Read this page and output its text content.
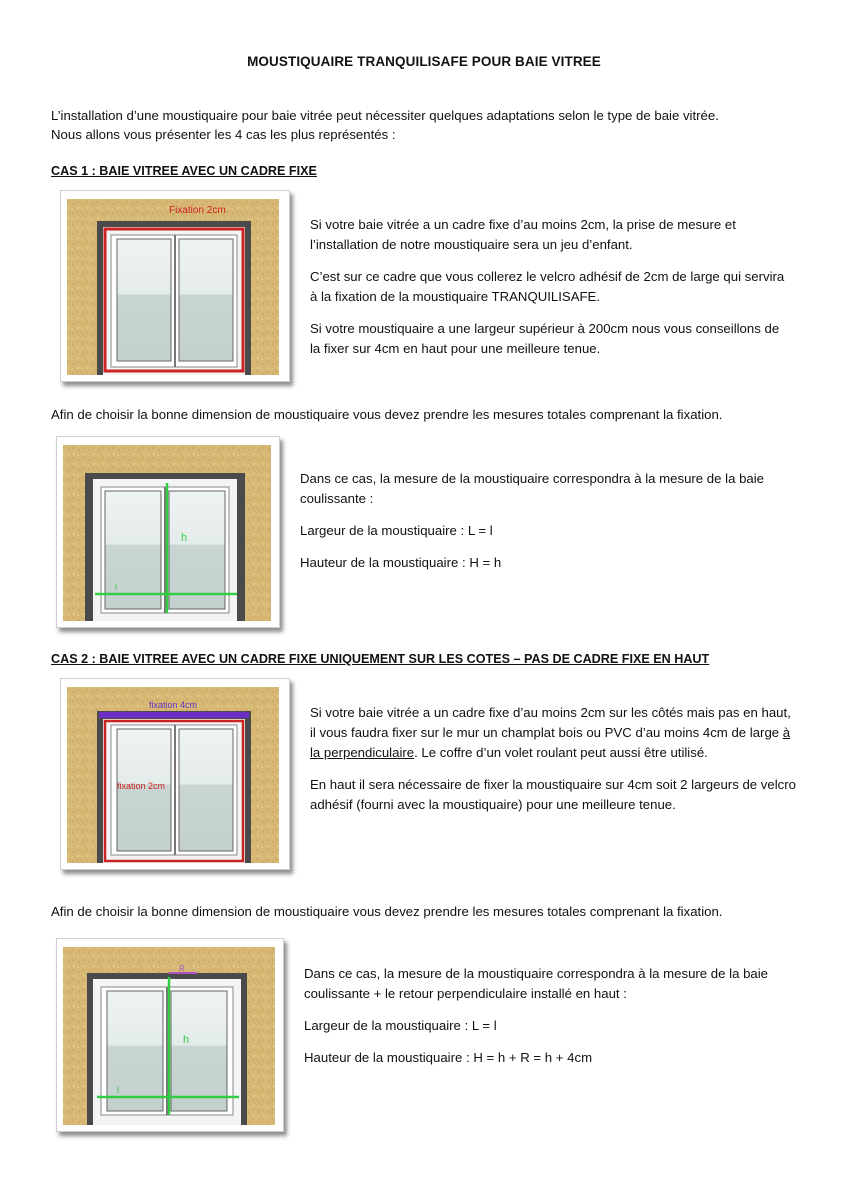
MOUSTIQUAIRE TRANQUILISAFE POUR BAIE VITREE
L’installation d’une moustiquaire pour baie vitrée peut nécessiter quelques adaptations selon le type de baie vitrée.
Nous allons vous présenter les 4 cas les plus représentés :
CAS 1 : BAIE VITREE AVEC UN CADRE FIXE
Fixation 2cm

Si votre baie vitrée a un cadre fixe d’au moins 2cm, la prise de mesure et l’installation de notre moustiquaire sera un jeu d’enfant.

C’est sur ce cadre que vous collerez le velcro adhésif de 2cm de large qui servira à la fixation de la moustiquaire TRANQUILISAFE.

Si votre moustiquaire a une largeur supérieur à 200cm nous vous conseillons de la fixer sur 4cm en haut pour une meilleure tenue.

Afin de choisir la bonne dimension de moustiquaire vous devez prendre les mesures totales comprenant la fixation.
h
l

Dans ce cas, la mesure de la moustiquaire correspondra à la mesure de la baie coulissante :

Largeur de la moustiquaire : L = l

Hauteur de la moustiquaire : H = h

CAS 2 : BAIE VITREE AVEC UN CADRE FIXE UNIQUEMENT SUR LES COTES – PAS DE CADRE FIXE EN HAUT
fixation 4cm
fixation 2cm

Si votre baie vitrée a un cadre fixe d’au moins 2cm sur les côtés mais pas en haut, il vous faudra fixer sur le mur un champlat bois ou PVC d’au moins 4cm de large à la perpendiculaire. Le coffre d’un volet roulant peut aussi être utilisé.

En haut il sera nécessaire de fixer la moustiquaire sur 4cm soit 2 largeurs de velcro adhésif (fourni avec la moustiquaire) pour une meilleure tenue.

Afin de choisir la bonne dimension de moustiquaire vous devez prendre les mesures totales comprenant la fixation.
h
l
R	Dans ce cas, la mesure de la moustiquaire correspondra à la mesure de la baie coulissante + le retour perpendiculaire installé en haut :

Largeur de la moustiquaire : L = l

Hauteur de la moustiquaire : H = h + R = h + 4cm
